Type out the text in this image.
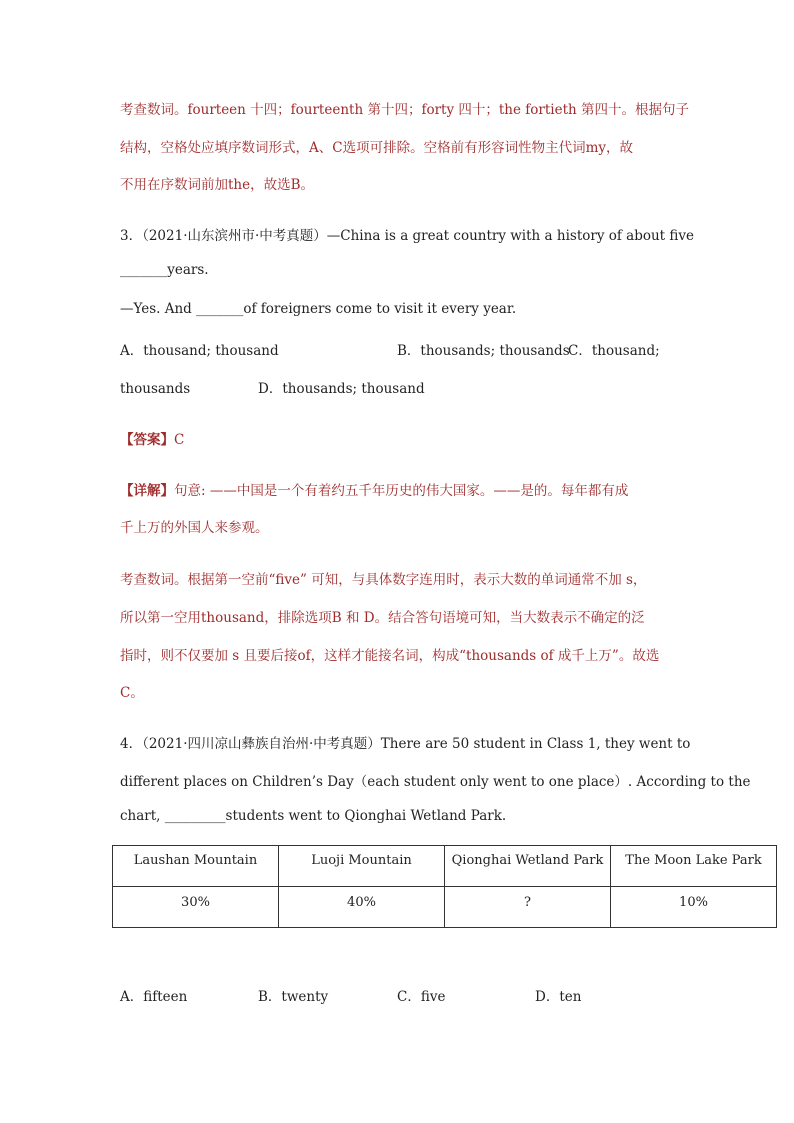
考查数词。fourteen 十四；fourteenth 第十四；forty 四十；the fortieth 第四十。根据句子
结构，空格处应填序数词形式，A、C选项可排除。空格前有形容词性物主代词my，故
不用在序数词前加the，故选B。
3．（2021·山东滨州市·中考真题）—China is a great country with a history of about five
_______years.
—Yes. And _______of foreigners come to visit it every year.
A．thousand; thousand	B．thousands; thousands
C．thousand;
thousands	D．thousands; thousand
【答案】C
【详解】句意: ——中国是一个有着约五千年历史的伟大国家。——是的。每年都有成
千上万的外国人来参观。
考查数词。根据第一空前“five” 可知，与具体数字连用时，表示大数的单词通常不加 s，
所以第一空用thousand，排除选项B 和 D。结合答句语境可知，当大数表示不确定的泛
指时，则不仅要加 s 且要后接of，这样才能接名词，构成“thousands of 成千上万”。故选
C。
4．（2021·四川凉山彝族自治州·中考真题）There are 50 student in Class 1, they went to
different places on Children’s Day（each student only went to one place）. According to the
chart, _________students went to Qionghai Wetland Park.
Laushan Mountain	Luoji Mountain	Qionghai Wetland Park	The Moon Lake Park
30%	40%	?	10%
A．fifteen	B．twenty	C．five	D．ten
